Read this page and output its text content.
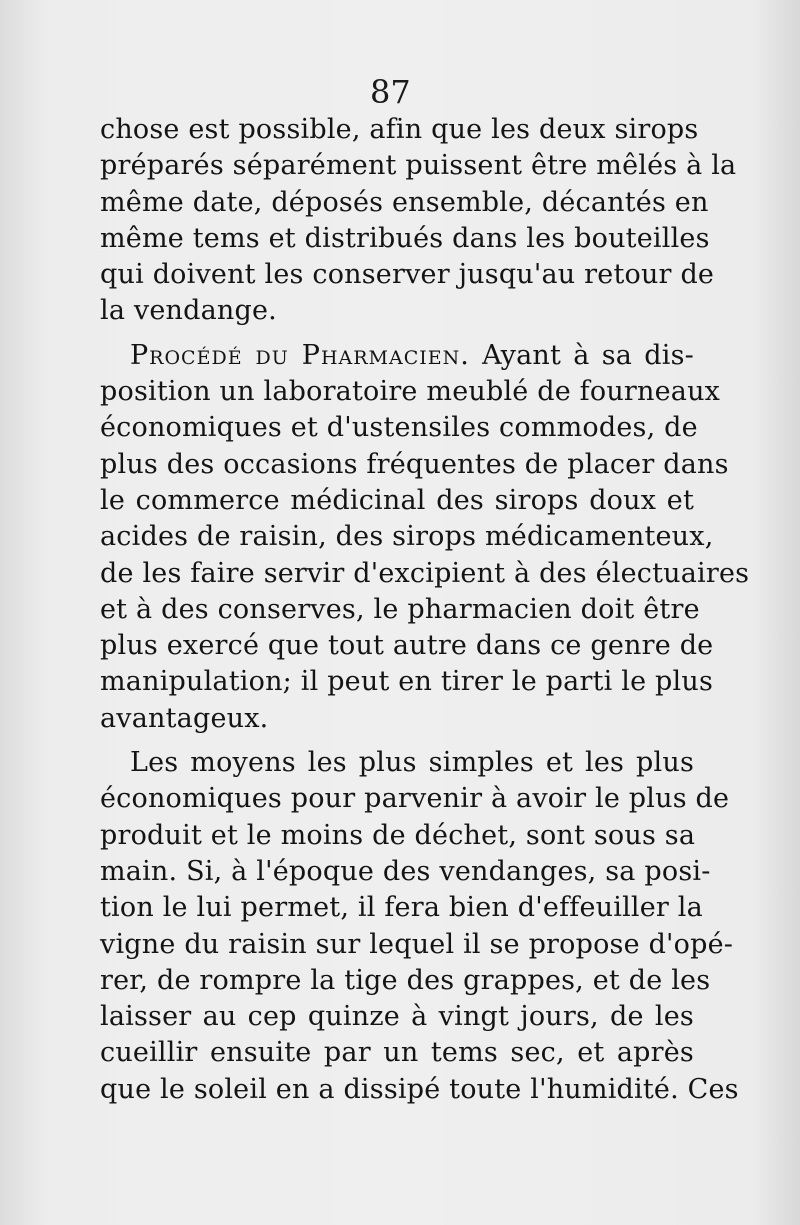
87
chose est possible, afin que les deux sirops
préparés séparément puissent être mêlés à la
même date, déposés ensemble, décantés en
même tems et distribués dans les bouteilles
qui doivent les conserver jusqu'au retour de
la vendange.
Procédé du Pharmacien. Ayant à sa dis-
position un laboratoire meublé de fourneaux
économiques et d'ustensiles commodes, de
plus des occasions fréquentes de placer dans
le commerce médicinal des sirops doux et
acides de raisin, des sirops médicamenteux,
de les faire servir d'excipient à des électuaires
et à des conserves, le pharmacien doit être
plus exercé que tout autre dans ce genre de
manipulation; il peut en tirer le parti le plus
avantageux.
Les moyens les plus simples et les plus
économiques pour parvenir à avoir le plus de
produit et le moins de déchet, sont sous sa
main. Si, à l'époque des vendanges, sa posi-
tion le lui permet, il fera bien d'effeuiller la
vigne du raisin sur lequel il se propose d'opé-
rer, de rompre la tige des grappes, et de les
laisser au cep quinze à vingt jours, de les
cueillir ensuite par un tems sec, et après
que le soleil en a dissipé toute l'humidité. Ces
